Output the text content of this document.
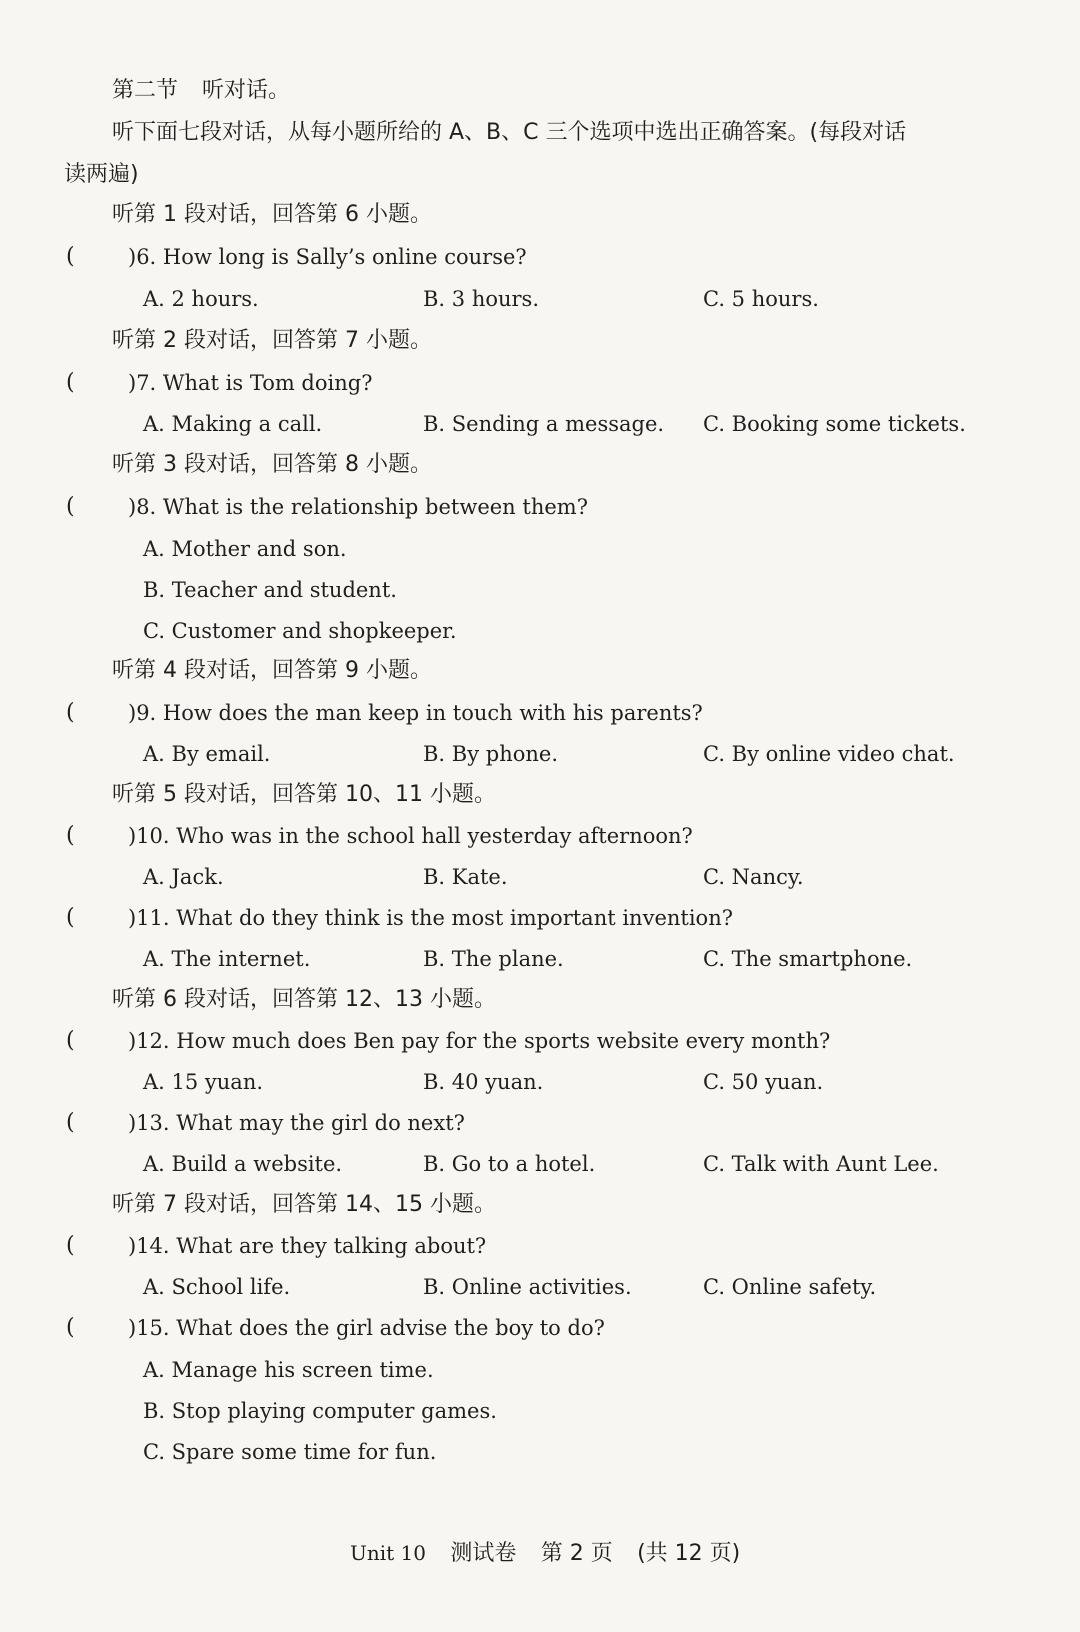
第二节 听对话。
听下面七段对话，从每小题所给的 A、B、C 三个选项中选出正确答案。(每段对话
读两遍)
听第 1 段对话，回答第 6 小题。
(	)6. How long is Sally’s online course?
A. 2 hours.	B. 3 hours.	C. 5 hours.
听第 2 段对话，回答第 7 小题。
(	)7. What is Tom doing?
A. Making a call.	B. Sending a message. C. Booking some tickets.
听第 3 段对话，回答第 8 小题。
(	)8. What is the relationship between them?
A. Mother and son.
B. Teacher and student.
C. Customer and shopkeeper.
听第 4 段对话，回答第 9 小题。
(	)9. How does the man keep in touch with his parents?
A. By email.	B. By phone.	C. By online video chat.
听第 5 段对话，回答第 10、11 小题。
(	)10. Who was in the school hall yesterday afternoon?
A. Jack.	B. Kate.	C. Nancy.
(	)11. What do they think is the most important invention?
A. The internet.	B. The plane.	C. The smartphone.
听第 6 段对话，回答第 12、13 小题。
(	)12. How much does Ben pay for the sports website every month?
A. 15 yuan.	B. 40 yuan.	C. 50 yuan.
(	)13. What may the girl do next?
A. Build a website.	B. Go to a hotel.	C. Talk with Aunt Lee.
听第 7 段对话，回答第 14、15 小题。
(	)14. What are they talking about?
A. School life.	B. Online activities.	C. Online safety.
(	)15. What does the girl advise the boy to do?
A. Manage his screen time.
B. Stop playing computer games.
C. Spare some time for fun.
Unit 10 测试卷 第 2 页 (共 12 页)
